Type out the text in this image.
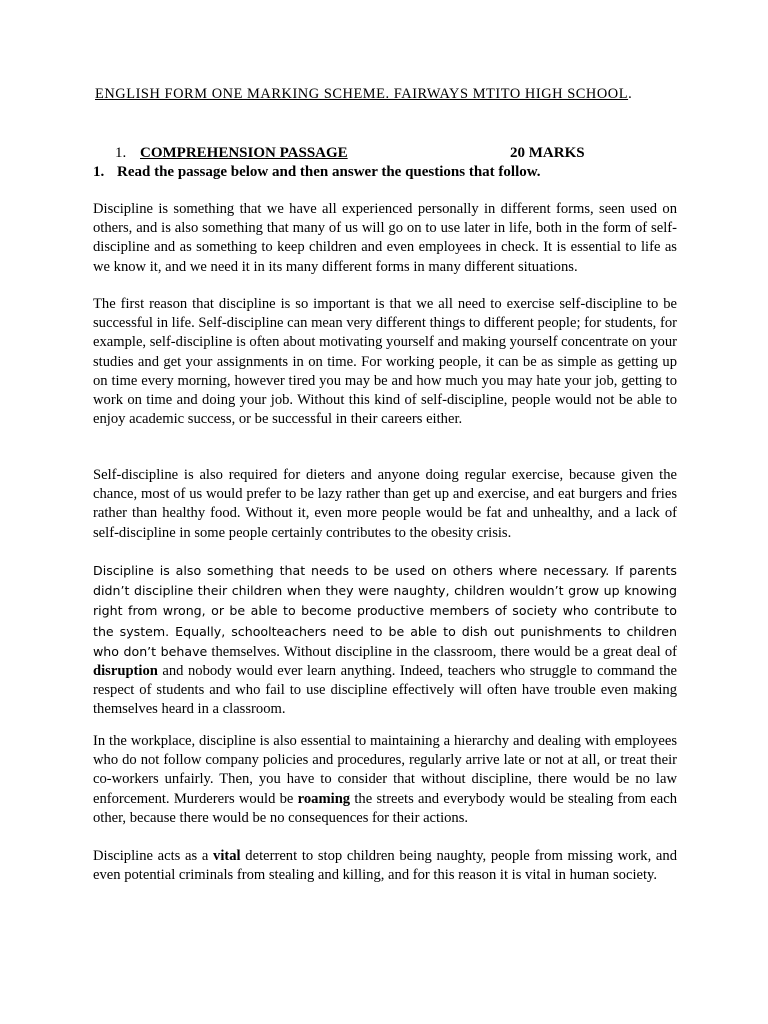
ENGLISH FORM ONE MARKING SCHEME. FAIRWAYS MTITO HIGH SCHOOL.
1. COMPREHENSION PASSAGE	20 MARKS
1. Read the passage below and then answer the questions that follow.

Discipline is something that we have all experienced personally in different forms, seen used on others, and is also something that many of us will go on to use later in life, both in the form of self-discipline and as something to keep children and even employees in check. It is essential to life as we know it, and we need it in its many different forms in many different situations.

The first reason that discipline is so important is that we all need to exercise self-discipline to be successful in life. Self-discipline can mean very different things to different people; for students, for example, self-discipline is often about motivating yourself and making yourself concentrate on your studies and get your assignments in on time. For working people, it can be as simple as getting up on time every morning, however tired you may be and how much you may hate your job, getting to work on time and doing your job. Without this kind of self-discipline, people would not be able to enjoy academic success, or be successful in their careers either.

Self-discipline is also required for dieters and anyone doing regular exercise, because given the chance, most of us would prefer to be lazy rather than get up and exercise, and eat burgers and fries rather than healthy food. Without it, even more people would be fat and unhealthy, and a lack of self-discipline in some people certainly contributes to the obesity crisis.

Discipline is also something that needs to be used on others where necessary. If parents didn’t discipline their children when they were naughty, children wouldn’t grow up knowing right from wrong, or be able to become productive members of society who contribute to the system. Equally, schoolteachers need to be able to dish out punishments to children who don’t behave themselves. Without discipline in the classroom, there would be a great deal of disruption and nobody would ever learn anything. Indeed, teachers who struggle to command the respect of students and who fail to use discipline effectively will often have trouble even making themselves heard in a classroom.

In the workplace, discipline is also essential to maintaining a hierarchy and dealing with employees who do not follow company policies and procedures, regularly arrive late or not at all, or treat their co-workers unfairly. Then, you have to consider that without discipline, there would be no law enforcement. Murderers would be roaming the streets and everybody would be stealing from each other, because there would be no consequences for their actions.

Discipline acts as a vital deterrent to stop children being naughty, people from missing work, and even potential criminals from stealing and killing, and for this reason it is vital in human society.
